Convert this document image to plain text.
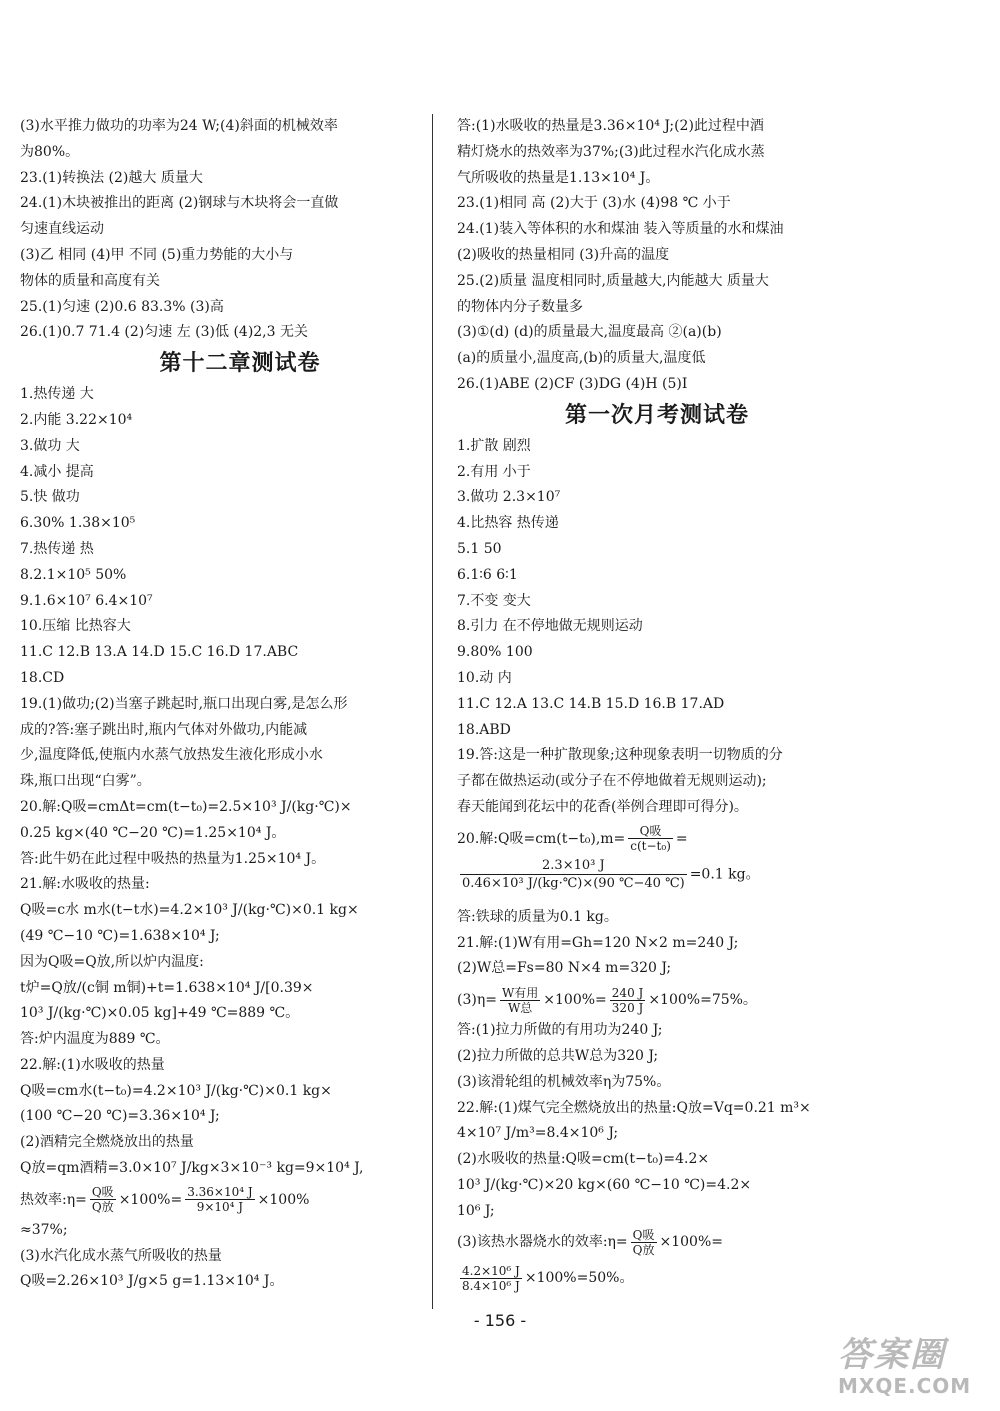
(3)水平推力做功的功率为24 W;(4)斜面的机械效率
为80%。
23.(1)转换法 (2)越大 质量大
24.(1)木块被推出的距离 (2)钢球与木块将会一直做
匀速直线运动
(3)乙 相同 (4)甲 不同 (5)重力势能的大小与
物体的质量和高度有关
25.(1)匀速 (2)0.6 83.3% (3)高
26.(1)0.7 71.4 (2)匀速 左 (3)低 (4)2,3 无关
第十二章测试卷
1.热传递 大
2.内能 3.22×10⁴
3.做功 大
4.减小 提高
5.快 做功
6.30% 1.38×10⁵
7.热传递 热
8.2.1×10⁵ 50%
9.1.6×10⁷ 6.4×10⁷
10.压缩 比热容大
11.C 12.B 13.A 14.D 15.C 16.D 17.ABC
18.CD
19.(1)做功;(2)当塞子跳起时,瓶口出现白雾,是怎么形
成的?答:塞子跳出时,瓶内气体对外做功,内能减
少,温度降低,使瓶内水蒸气放热发生液化形成小水
珠,瓶口出现“白雾”。
20.解:Q吸=cmΔt=cm(t−t₀)=2.5×10³ J/(kg·℃)×
0.25 kg×(40 ℃−20 ℃)=1.25×10⁴ J。
答:此牛奶在此过程中吸热的热量为1.25×10⁴ J。
21.解:水吸收的热量:
Q吸=c水 m水(t−t水)=4.2×10³ J/(kg·℃)×0.1 kg×
(49 ℃−10 ℃)=1.638×10⁴ J;
因为Q吸=Q放,所以炉内温度:
t炉=Q放/(c铜 m铜)+t=1.638×10⁴ J/[0.39×
10³ J/(kg·℃)×0.05 kg]+49 ℃=889 ℃。
答:炉内温度为889 ℃。
22.解:(1)水吸收的热量
Q吸=cm水(t−t₀)=4.2×10³ J/(kg·℃)×0.1 kg×
(100 ℃−20 ℃)=3.36×10⁴ J;
(2)酒精完全燃烧放出的热量
Q放=qm酒精=3.0×10⁷ J/kg×3×10⁻³ kg=9×10⁴ J,
热效率:η= $\frac{\text{Q吸}}{\text{Q放}} \times 100\%= \frac{\text{3.36×10⁴ J}}{\text{9×10⁴ J}} \times 100\%$
≈37%;
(3)水汽化成水蒸气所吸收的热量
Q吸=2.26×10³ J/g×5 g=1.13×10⁴ J。
答:(1)水吸收的热量是3.36×10⁴ J;(2)此过程中酒
精灯烧水的热效率为37%;(3)此过程水汽化成水蒸
气所吸收的热量是1.13×10⁴ J。
23.(1)相同 高 (2)大于 (3)水 (4)98 ℃ 小于
24.(1)装入等体积的水和煤油 装入等质量的水和煤油
(2)吸收的热量相同 (3)升高的温度
25.(2)质量 温度相同时,质量越大,内能越大 质量大
的物体内分子数量多
(3)①(d) (d)的质量最大,温度最高 ②(a)(b)
(a)的质量小,温度高,(b)的质量大,温度低
26.(1)ABE (2)CF (3)DG (4)H (5)I
第一次月考测试卷
1.扩散 剧烈
2.有用 小于
3.做功 2.3×10⁷
4.比热容 热传递
5.1 50
6.1∶6 6∶1
7.不变 变大
8.引力 在不停地做无规则运动
9.80% 100
10.动 内
11.C 12.A 13.C 14.B 15.D 16.B 17.AD
18.ABD
19.答:这是一种扩散现象;这种现象表明一切物质的分
子都在做热运动(或分子在不停地做着无规则运动);
春天能闻到花坛中的花香(举例合理即可得分)。
20.解:Q吸$=cm(t-t_0),m= \frac{\text{Q吸}}{\text{c(t−t₀)}}$ =
$\frac{\text{2.3×10³ J}}{\text{0.46×10³ J/(kg·℃)×(90 ℃−40 ℃)}} =0.1$ kg。
答:铁球的质量为0.1 kg。
21.解:(1)W有用=Gh=120 N×2 m=240 J;
(2)W总=Fs=80 N×4 m=320 J;
$(3)\eta= \frac{\text{W有用}}{\text{W总}} \times 100\%= \frac{240 J}{320 J} \times 100\%=75\%$。
答:(1)拉力所做的有用功为240 J;
(2)拉力所做的总共W总为320 J;
(3)该滑轮组的机械效率η为75%。
22.解:(1)煤气完全燃烧放出的热量:Q放=Vq=0.21 m³×
4×10⁷ J/m³=8.4×10⁶ J;
(2)水吸收的热量:Q吸=cm(t−t₀)=4.2×
10³ J/(kg·℃)×20 kg×(60 ℃−10 ℃)=4.2×
10⁶ J;
(3)该热水器烧水的效率:η= $\frac{\text{Q吸}}{\text{Q放}} \times 100\%=$
$\frac{\text{4.2×10⁶ J}}{\text{8.4×10⁶ J}} \times 100\%=50\%$。
- 156 -
答案圈
MXQE.COM
